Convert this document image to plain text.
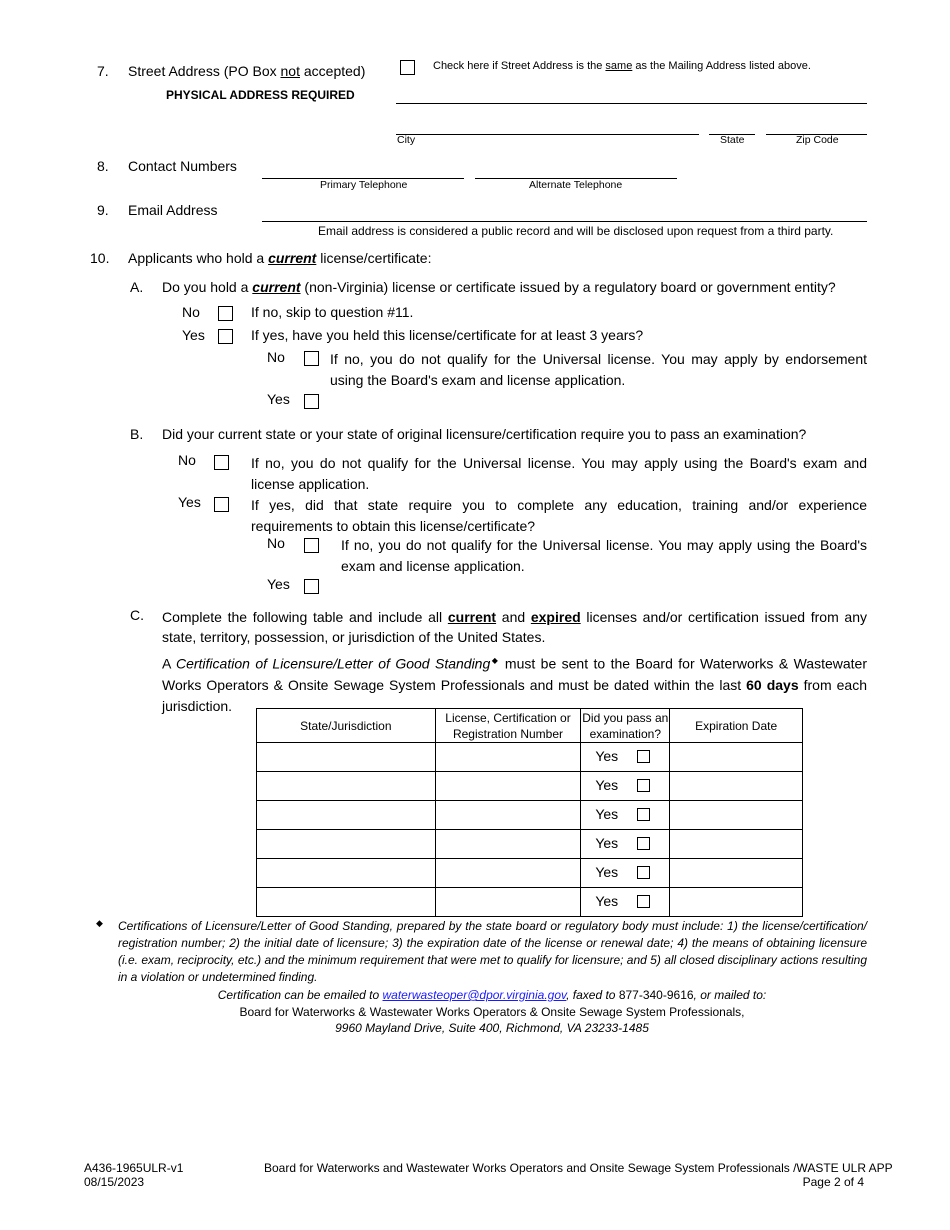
7. Street Address (PO Box not accepted)
PHYSICAL ADDRESS REQUIRED
Check here if Street Address is the same as the Mailing Address listed above.
City	State	Zip Code
8. Contact Numbers
Primary Telephone	Alternate Telephone
9. Email Address
Email address is considered a public record and will be disclosed upon request from a third party.
10. Applicants who hold a current license/certificate:
A. Do you hold a current (non-Virginia) license or certificate issued by a regulatory board or government entity?
No	If no, skip to question #11.
Yes	If yes, have you held this license/certificate for at least 3 years?
No	If no, you do not qualify for the Universal license. You may apply by endorsement using the Board's exam and license application.
Yes
B. Did your current state or your state of original licensure/certification require you to pass an examination?
No	If no, you do not qualify for the Universal license. You may apply using the Board's exam and license application.
Yes	If yes, did that state require you to complete any education, training and/or experience requirements to obtain this license/certificate?
No	If no, you do not qualify for the Universal license. You may apply using the Board's exam and license application.
Yes
C. Complete the following table and include all current and expired licenses and/or certification issued from any state, territory, possession, or jurisdiction of the United States.
A Certification of Licensure/Letter of Good Standing◆ must be sent to the Board for Waterworks & Wastewater Works Operators & Onsite Sewage System Professionals and must be dated within the last 60 days from each jurisdiction.
State/Jurisdiction	License, Certification or Registration Number	Did you pass an examination?	Expiration Date

		Yes	

		Yes	

		Yes	

		Yes	

		Yes	

		Yes	

◆ Certifications of Licensure/Letter of Good Standing, prepared by the state board or regulatory body must include: 1) the license/certification/ registration number; 2) the initial date of licensure; 3) the expiration date of the license or renewal date; 4) the means of obtaining licensure (i.e. exam, reciprocity, etc.) and the minimum requirement that were met to qualify for licensure; and 5) all closed disciplinary actions resulting in a violation or undetermined finding.
Certification can be emailed to waterwasteoper@dpor.virginia.gov, faxed to 877-340-9616, or mailed to:
Board for Waterworks & Wastewater Works Operators & Onsite Sewage System Professionals,
9960 Mayland Drive, Suite 400, Richmond, VA 23233-1485
A436-1965ULR-v1
08/15/2023
Board for Waterworks and Wastewater Works Operators and Onsite Sewage System Professionals /WASTE ULR APP
Page 2 of 4
